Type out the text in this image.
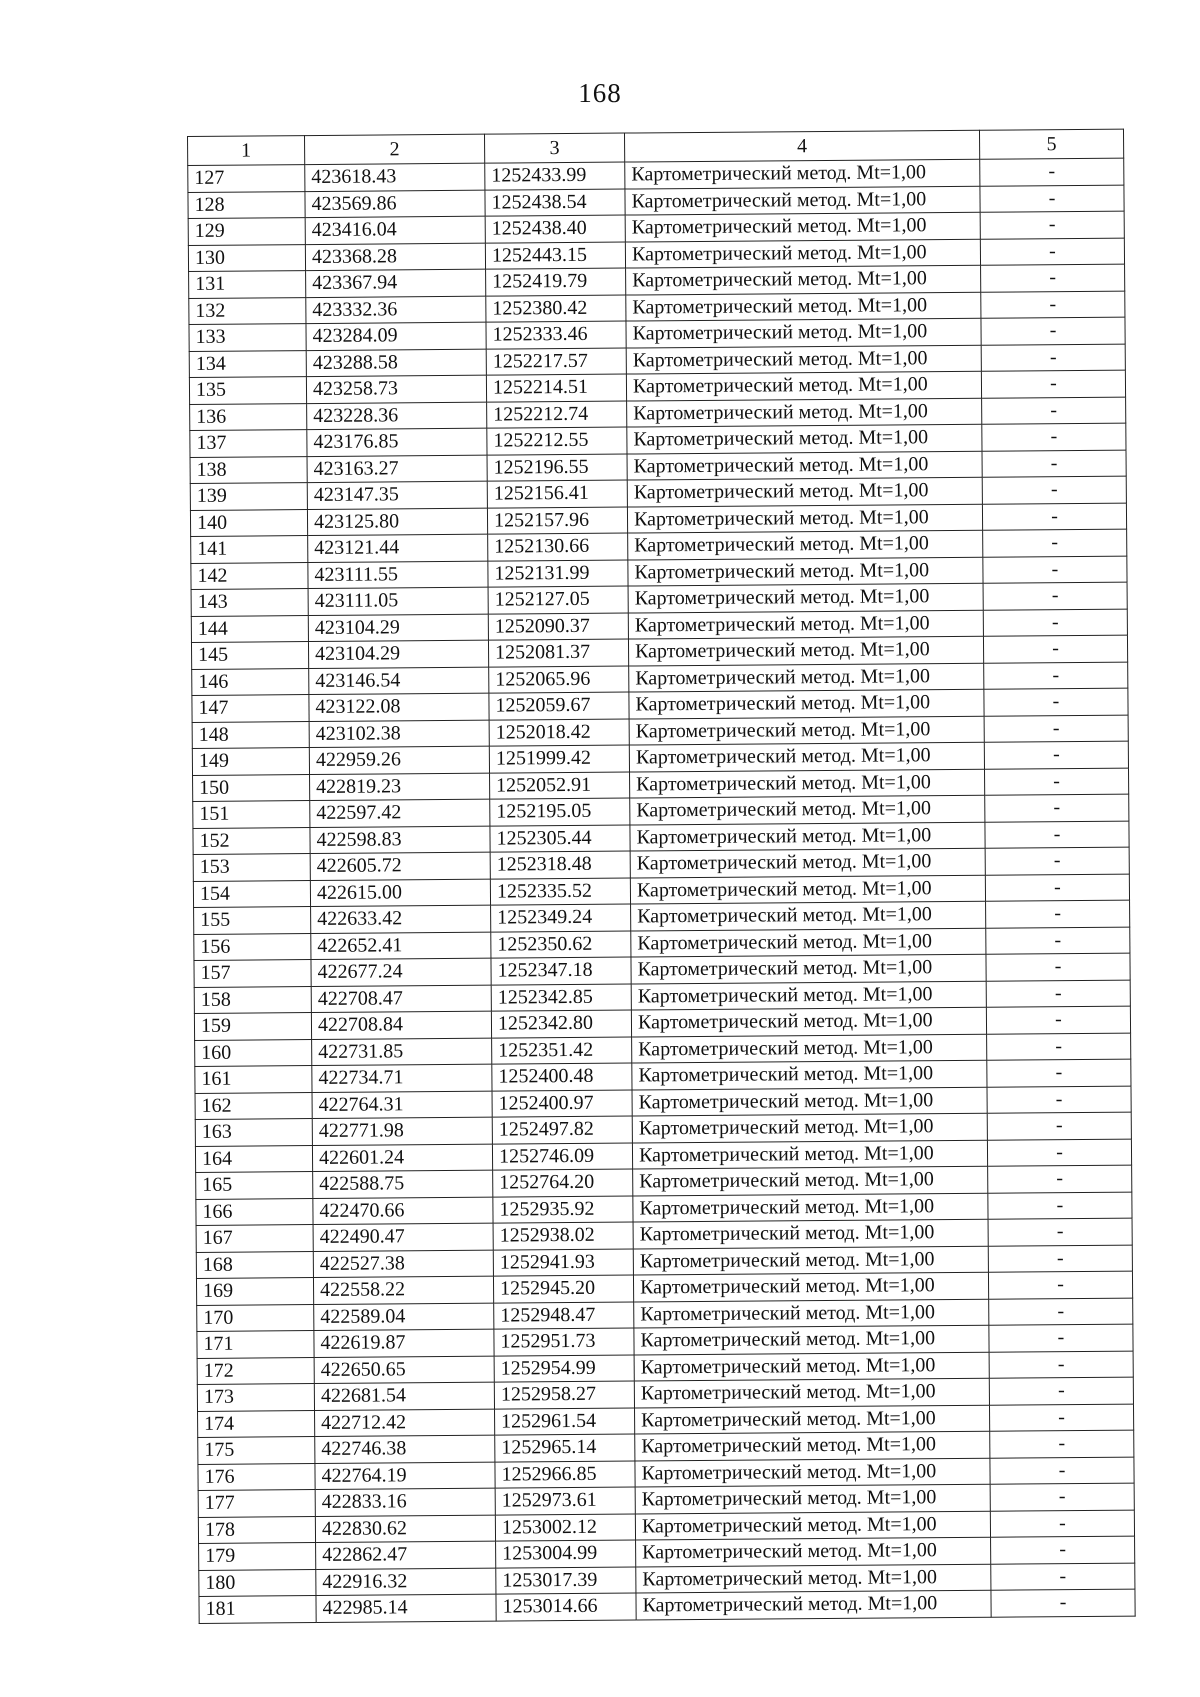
168
1	2	3	4	5
127	423618.43	1252433.99	Картометрический метод. Mt=1,00	-
128	423569.86	1252438.54	Картометрический метод. Mt=1,00	-
129	423416.04	1252438.40	Картометрический метод. Mt=1,00	-
130	423368.28	1252443.15	Картометрический метод. Mt=1,00	-
131	423367.94	1252419.79	Картометрический метод. Mt=1,00	-
132	423332.36	1252380.42	Картометрический метод. Mt=1,00	-
133	423284.09	1252333.46	Картометрический метод. Mt=1,00	-
134	423288.58	1252217.57	Картометрический метод. Mt=1,00	-
135	423258.73	1252214.51	Картометрический метод. Mt=1,00	-
136	423228.36	1252212.74	Картометрический метод. Mt=1,00	-
137	423176.85	1252212.55	Картометрический метод. Mt=1,00	-
138	423163.27	1252196.55	Картометрический метод. Mt=1,00	-
139	423147.35	1252156.41	Картометрический метод. Mt=1,00	-
140	423125.80	1252157.96	Картометрический метод. Mt=1,00	-
141	423121.44	1252130.66	Картометрический метод. Mt=1,00	-
142	423111.55	1252131.99	Картометрический метод. Mt=1,00	-
143	423111.05	1252127.05	Картометрический метод. Mt=1,00	-
144	423104.29	1252090.37	Картометрический метод. Mt=1,00	-
145	423104.29	1252081.37	Картометрический метод. Mt=1,00	-
146	423146.54	1252065.96	Картометрический метод. Mt=1,00	-
147	423122.08	1252059.67	Картометрический метод. Mt=1,00	-
148	423102.38	1252018.42	Картометрический метод. Mt=1,00	-
149	422959.26	1251999.42	Картометрический метод. Mt=1,00	-
150	422819.23	1252052.91	Картометрический метод. Mt=1,00	-
151	422597.42	1252195.05	Картометрический метод. Mt=1,00	-
152	422598.83	1252305.44	Картометрический метод. Mt=1,00	-
153	422605.72	1252318.48	Картометрический метод. Mt=1,00	-
154	422615.00	1252335.52	Картометрический метод. Mt=1,00	-
155	422633.42	1252349.24	Картометрический метод. Mt=1,00	-
156	422652.41	1252350.62	Картометрический метод. Mt=1,00	-
157	422677.24	1252347.18	Картометрический метод. Mt=1,00	-
158	422708.47	1252342.85	Картометрический метод. Mt=1,00	-
159	422708.84	1252342.80	Картометрический метод. Mt=1,00	-
160	422731.85	1252351.42	Картометрический метод. Mt=1,00	-
161	422734.71	1252400.48	Картометрический метод. Mt=1,00	-
162	422764.31	1252400.97	Картометрический метод. Mt=1,00	-
163	422771.98	1252497.82	Картометрический метод. Mt=1,00	-
164	422601.24	1252746.09	Картометрический метод. Mt=1,00	-
165	422588.75	1252764.20	Картометрический метод. Mt=1,00	-
166	422470.66	1252935.92	Картометрический метод. Mt=1,00	-
167	422490.47	1252938.02	Картометрический метод. Mt=1,00	-
168	422527.38	1252941.93	Картометрический метод. Mt=1,00	-
169	422558.22	1252945.20	Картометрический метод. Mt=1,00	-
170	422589.04	1252948.47	Картометрический метод. Mt=1,00	-
171	422619.87	1252951.73	Картометрический метод. Mt=1,00	-
172	422650.65	1252954.99	Картометрический метод. Mt=1,00	-
173	422681.54	1252958.27	Картометрический метод. Mt=1,00	-
174	422712.42	1252961.54	Картометрический метод. Mt=1,00	-
175	422746.38	1252965.14	Картометрический метод. Mt=1,00	-
176	422764.19	1252966.85	Картометрический метод. Mt=1,00	-
177	422833.16	1252973.61	Картометрический метод. Mt=1,00	-
178	422830.62	1253002.12	Картометрический метод. Mt=1,00	-
179	422862.47	1253004.99	Картометрический метод. Mt=1,00	-
180	422916.32	1253017.39	Картометрический метод. Mt=1,00	-
181	422985.14	1253014.66	Картометрический метод. Mt=1,00	-
